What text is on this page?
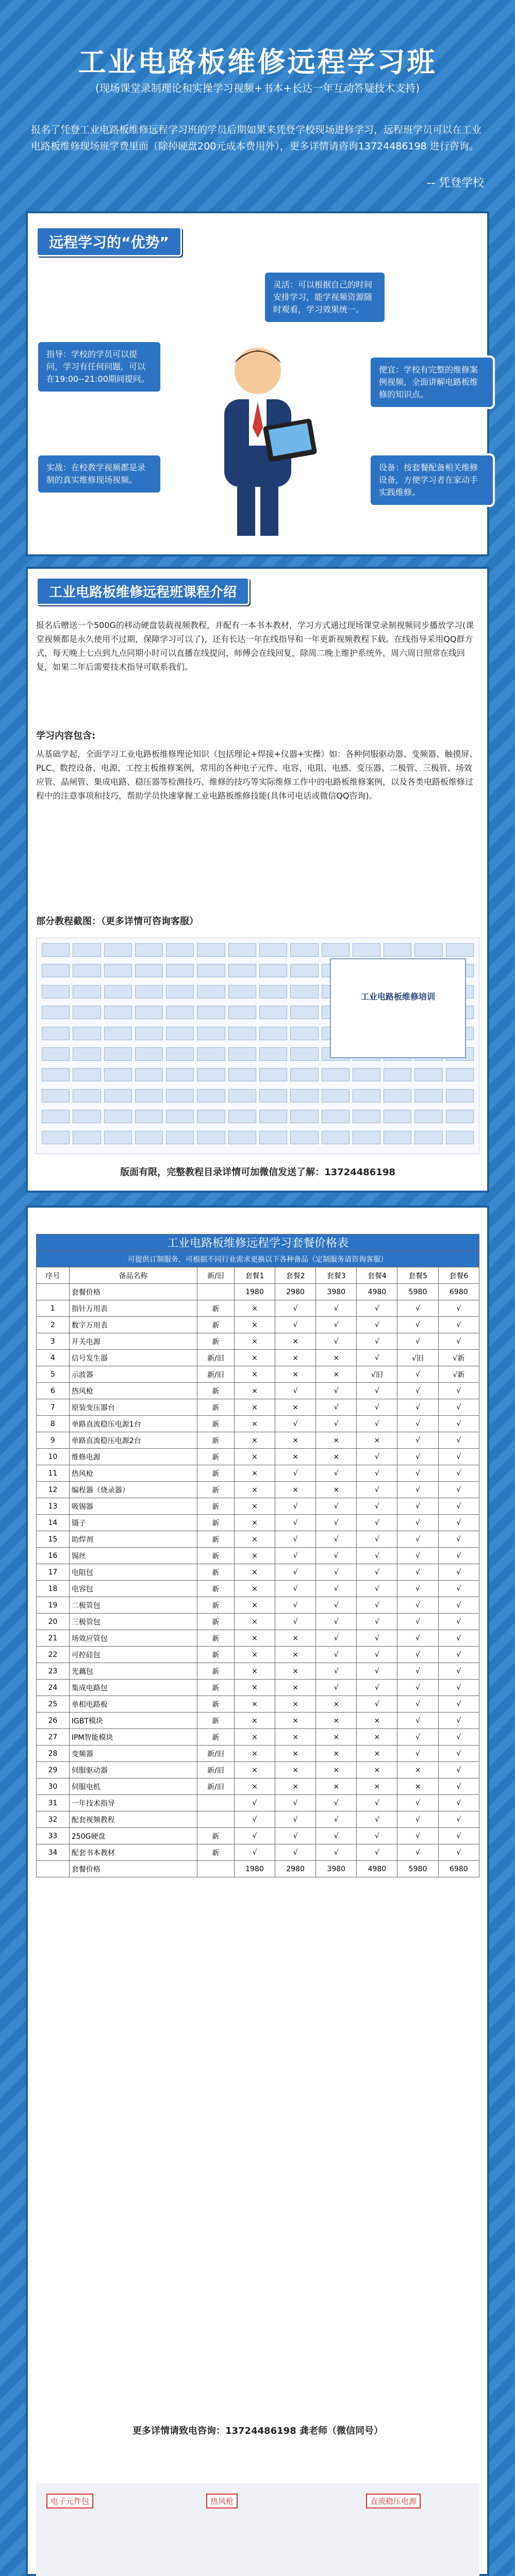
工业电路板维修远程学习班
(现场课堂录制理论和实操学习视频+书本+长达一年互动答疑技术支持)
报名了凭登工业电路板维修远程学习班的学员后期如果来凭登学校现场进修学习，远程班学员可以在工业电路板维修现场班学费里面（除掉硬盘200元成本费用外），更多详情请咨询13724486198 进行咨询。
-- 凭登学校
远程学习的“优势”
灵活：可以根据自己的时间安排学习，能学视频资源随时观看，学习效果统一。
指导：学校的学员可以提问，学习有任何问题，可以在19:00--21:00期间提问。
便宜：学校有完整的维修案例视频，全面讲解电路板维修的知识点。
实战：在校教学视频都是录制的真实维修现场视频。
设备：按套餐配备相关维修设备，方便学习者在家动手实践维修。
工业电路板维修远程班课程介绍
报名后赠送一个500G的移动硬盘装载视频教程，并配有一本书本教材，学习方式通过现场课堂录制视频同步播放学习(课堂视频都是永久使用不过期，保障学习可以了)，还有长达一年在线指导和一年更新视频教程下载。在线指导采用QQ群方式，每天晚上七点到九点同期小时可以直播在线提问，师傅会在线回复，除周二晚上维护系统外，周六周日照常在线回复，如果二年后需要技术指导可联系我们。
学习内容包含:
从基础学起，全面学习工业电路板维修理论知识（包括理论+焊接+仪器+实操）如：各种伺服驱动器、变频器、触摸屏、PLC、数控设备、电源、工控主板维修案例，常用的各种电子元件、电容、电阻、电感、变压器、二极管、三极管、场效应管、晶闸管、集成电路、稳压器等检测技巧、维修的技巧等实际维修工作中的电路板维修案例，以及各类电路板维修过程中的注意事项和技巧，帮助学员快速掌握工业电路板维修技能(具体可电话或微信QQ咨询)。
部分教程截图：（更多详情可咨询客服）
工业电路板维修培训
版面有限，完整教程目录详情可加微信发送了解：13724486198
工业电路板维修远程学习套餐价格表								
可提供订制服务，可根据不同行业需求更换以下各种备品（定制服务请咨询客服）								
序号	备品名称	新/旧	套餐1	套餐2	套餐3	套餐4	套餐5	套餐6
	套餐价格		1980	2980	3980	4980	5980	6980
1	指针万用表	新	×	√	√	√	√	√
2	数字万用表	新	×	√	√	√	√	√
3	开关电源	新	×	×	√	√	√	√
4	信号发生器	新/旧	×	×	×	√	√旧	√新
5	示波器	新/旧	×	×	×	√旧	√	√新
6	热风枪	新	×	√	√	√	√	√
7	原装变压器台	新	×	×	√	√	√	√
8	单路直流稳压电源1台	新	×	√	√	√	√	√
9	单路直流稳压电源2台	新	×	×	×	×	√	√
10	维修电源	新	×	×	×	√	√	√
11	热风枪	新	×	√	√	√	√	√
12	编程器（烧录器）	新	×	×	×	√	√	√
13	吸锡器	新	×	√	√	√	√	√
14	镊子	新	×	√	√	√	√	√
15	助焊剂	新	×	√	√	√	√	√
16	锡丝	新	×	√	√	√	√	√
17	电阻包	新	×	√	√	√	√	√
18	电容包	新	×	√	√	√	√	√
19	二极管包	新	×	√	√	√	√	√
20	三极管包	新	×	√	√	√	√	√
21	场效应管包	新	×	×	√	√	√	√
22	可控硅包	新	×	×	√	√	√	√
23	光藕包	新	×	×	√	√	√	√
24	集成电路包	新	×	×	√	√	√	√
25	单相电路板	新	×	×	×	√	√	√
26	IGBT模块	新	×	×	×	×	√	√
27	IPM智能模块	新	×	×	×	×	√	√
28	变频器	新/旧	×	×	×	×	√	√
29	伺服驱动器	新/旧	×	×	×	×	×	√
30	伺服电机	新/旧	×	×	×	×	×	√
31	一年技术指导		√	√	√	√	√	√
32	配套视频教程		√	√	√	√	√	√
33	250G硬盘	新	√	√	√	√	√	√
34	配套书本教材	新	√	√	√	√	√	√
	套餐价格		1980	2980	3980	4980	5980	6980
更多详情请致电咨询：13724486198 龚老师（微信同号）
可提供订制服务，可根据不同行业需求更换以下各种备品（定制服务请咨询客服）
电子元件包	热风枪	直流稳压电源
